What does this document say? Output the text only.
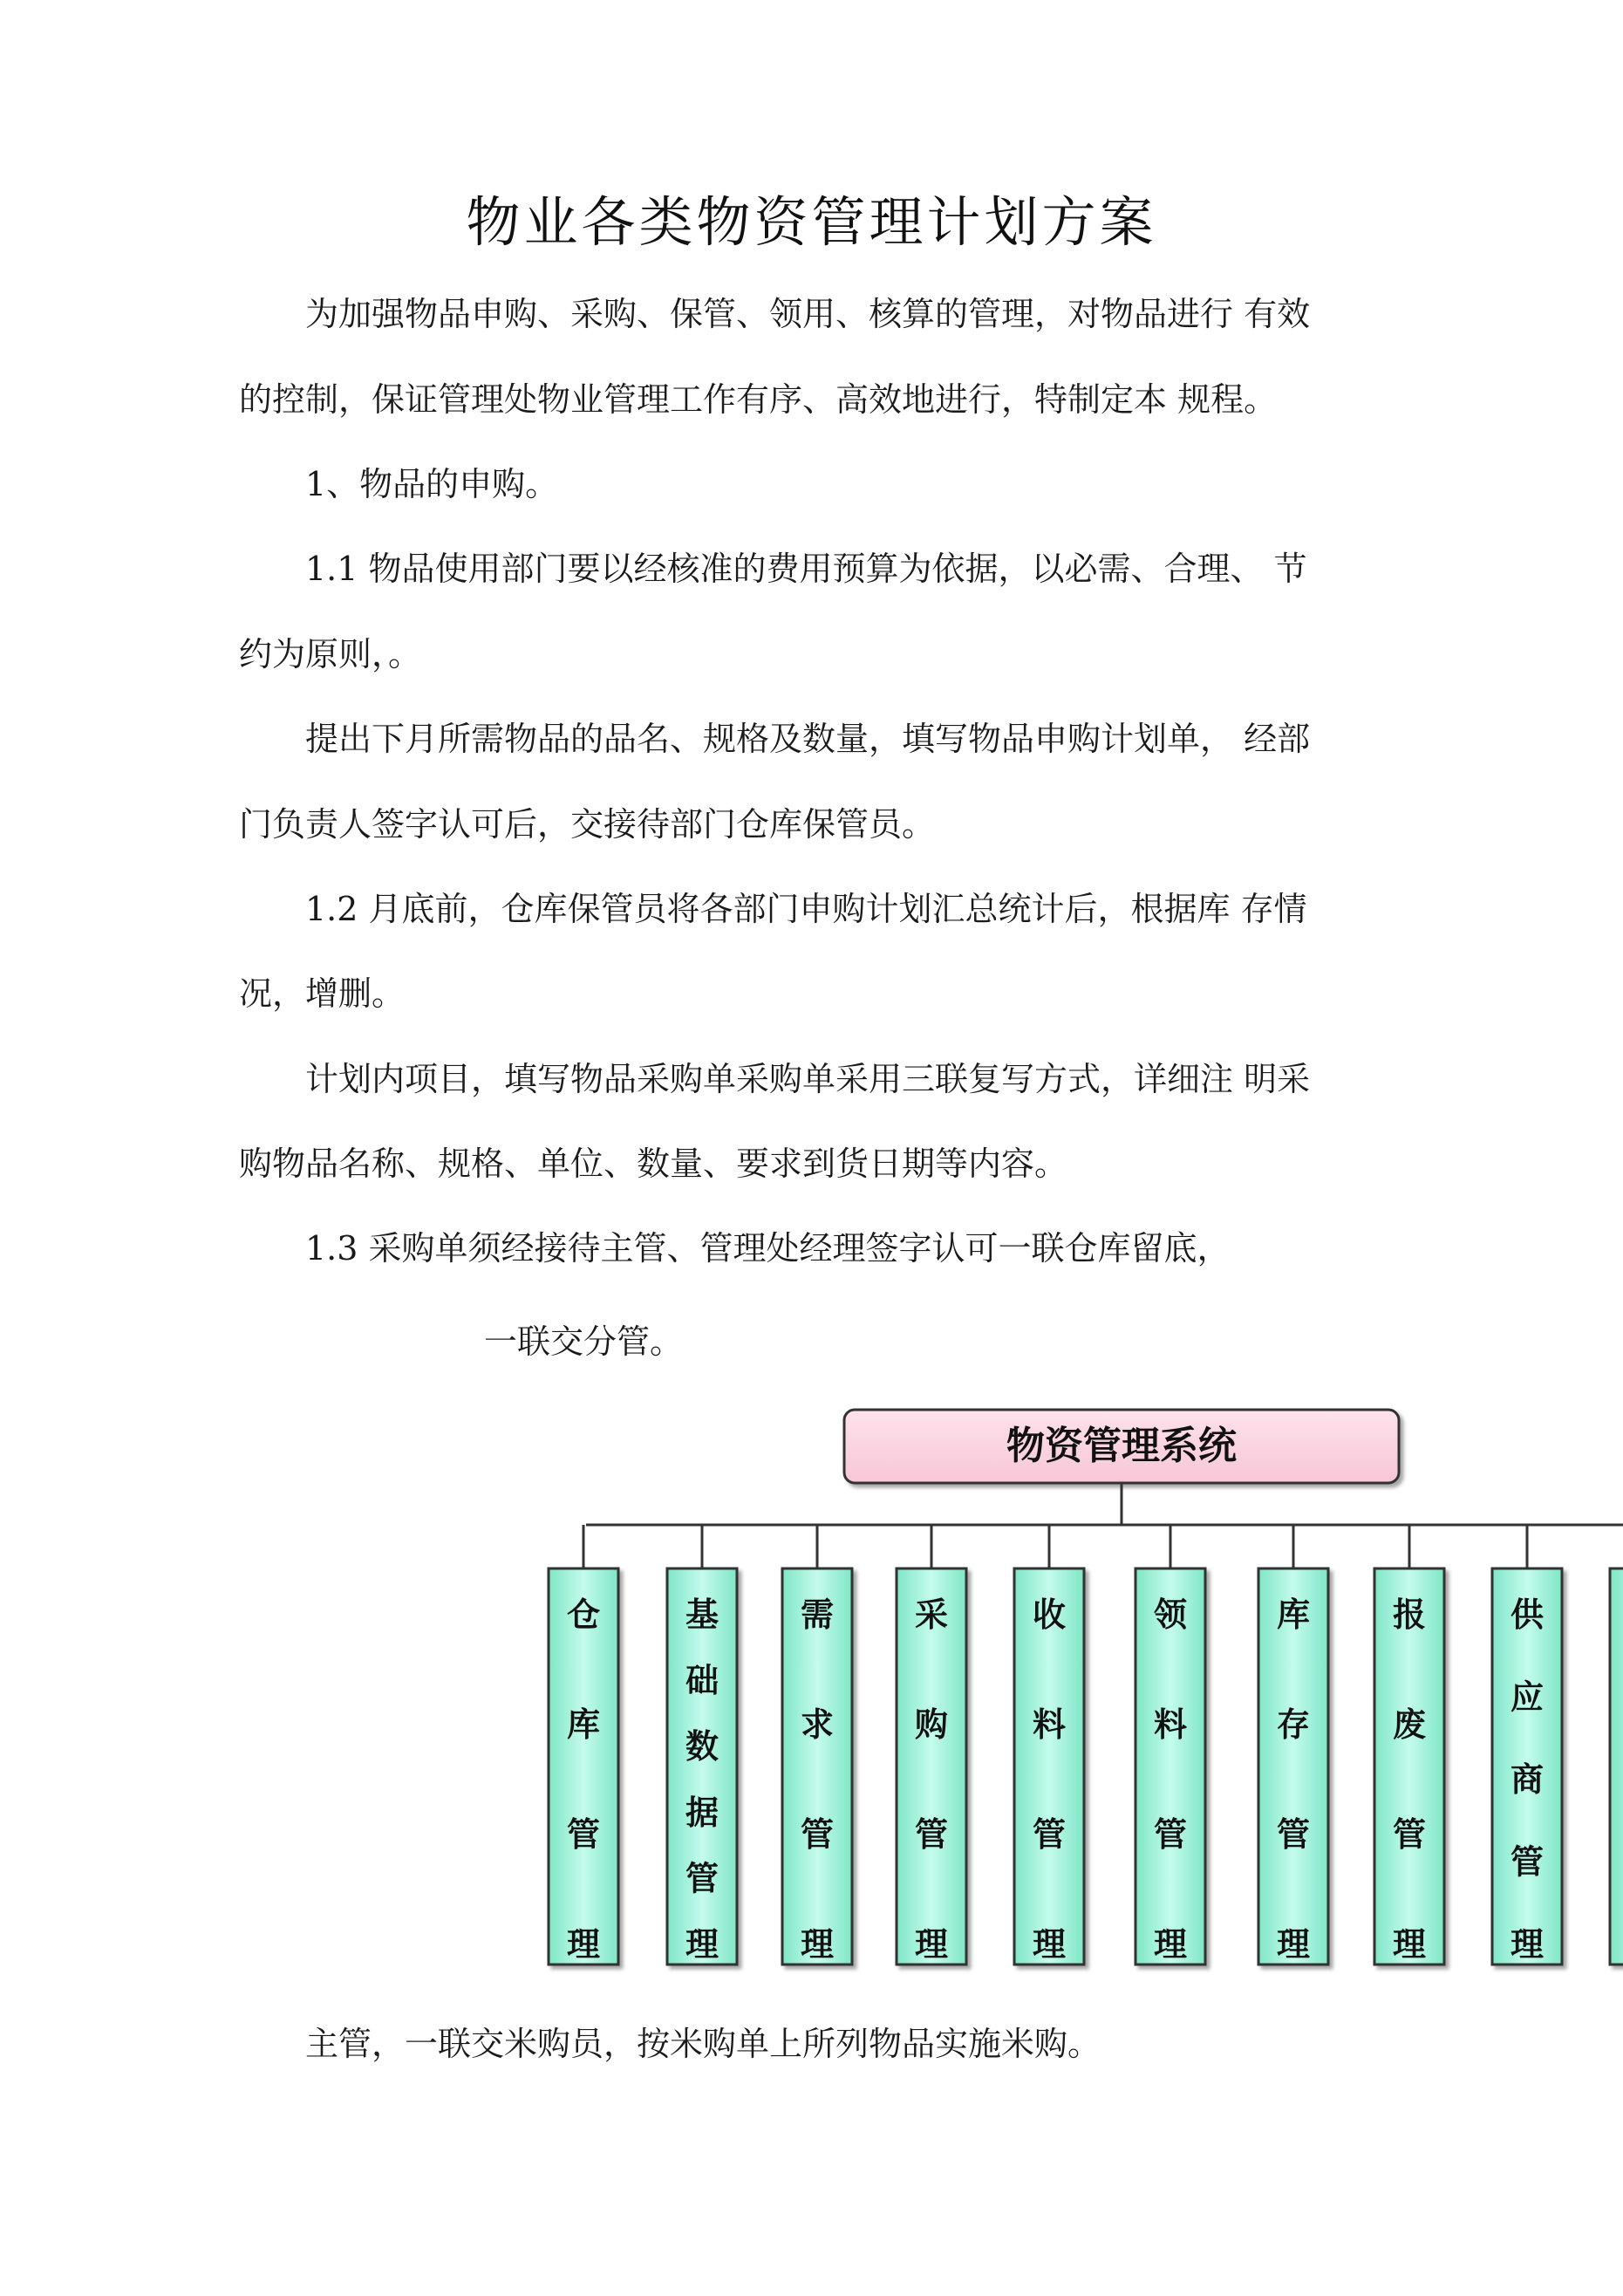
物业各类物资管理计划方案
为加强物品申购、采购、保管、领用、核算的管理，对物品进行 有效
的控制，保证管理处物业管理工作有序、高效地进行，特制定本 规程。
1、物品的申购。
1.1 物品使用部门要以经核准的费用预算为依据，以必需、合理、 节
约为原则，。
提出下月所需物品的品名、规格及数量，填写物品申购计划单， 经部
门负责人签字认可后，交接待部门仓库保管员。
1.2 月底前，仓库保管员将各部门申购计划汇总统计后，根据库 存情
况，增删。
计划内项目，填写物品采购单采购单采用三联复写方式，详细注 明采
购物品名称、规格、单位、数量、要求到货日期等内容。
1.3 采购单须经接待主管、管理处经理签字认可一联仓库留底，
一联交分管。
主管，一联交米购员，按米购单上所列物品实施米购。
物资管理系统
仓
库
管
理
基
础
数
据
管
理
需
求
管
理
采
购
管
理
收
料
管
理
领
料
管
理
库
存
管
理
报
废
管
理
供
应
商
管
理
